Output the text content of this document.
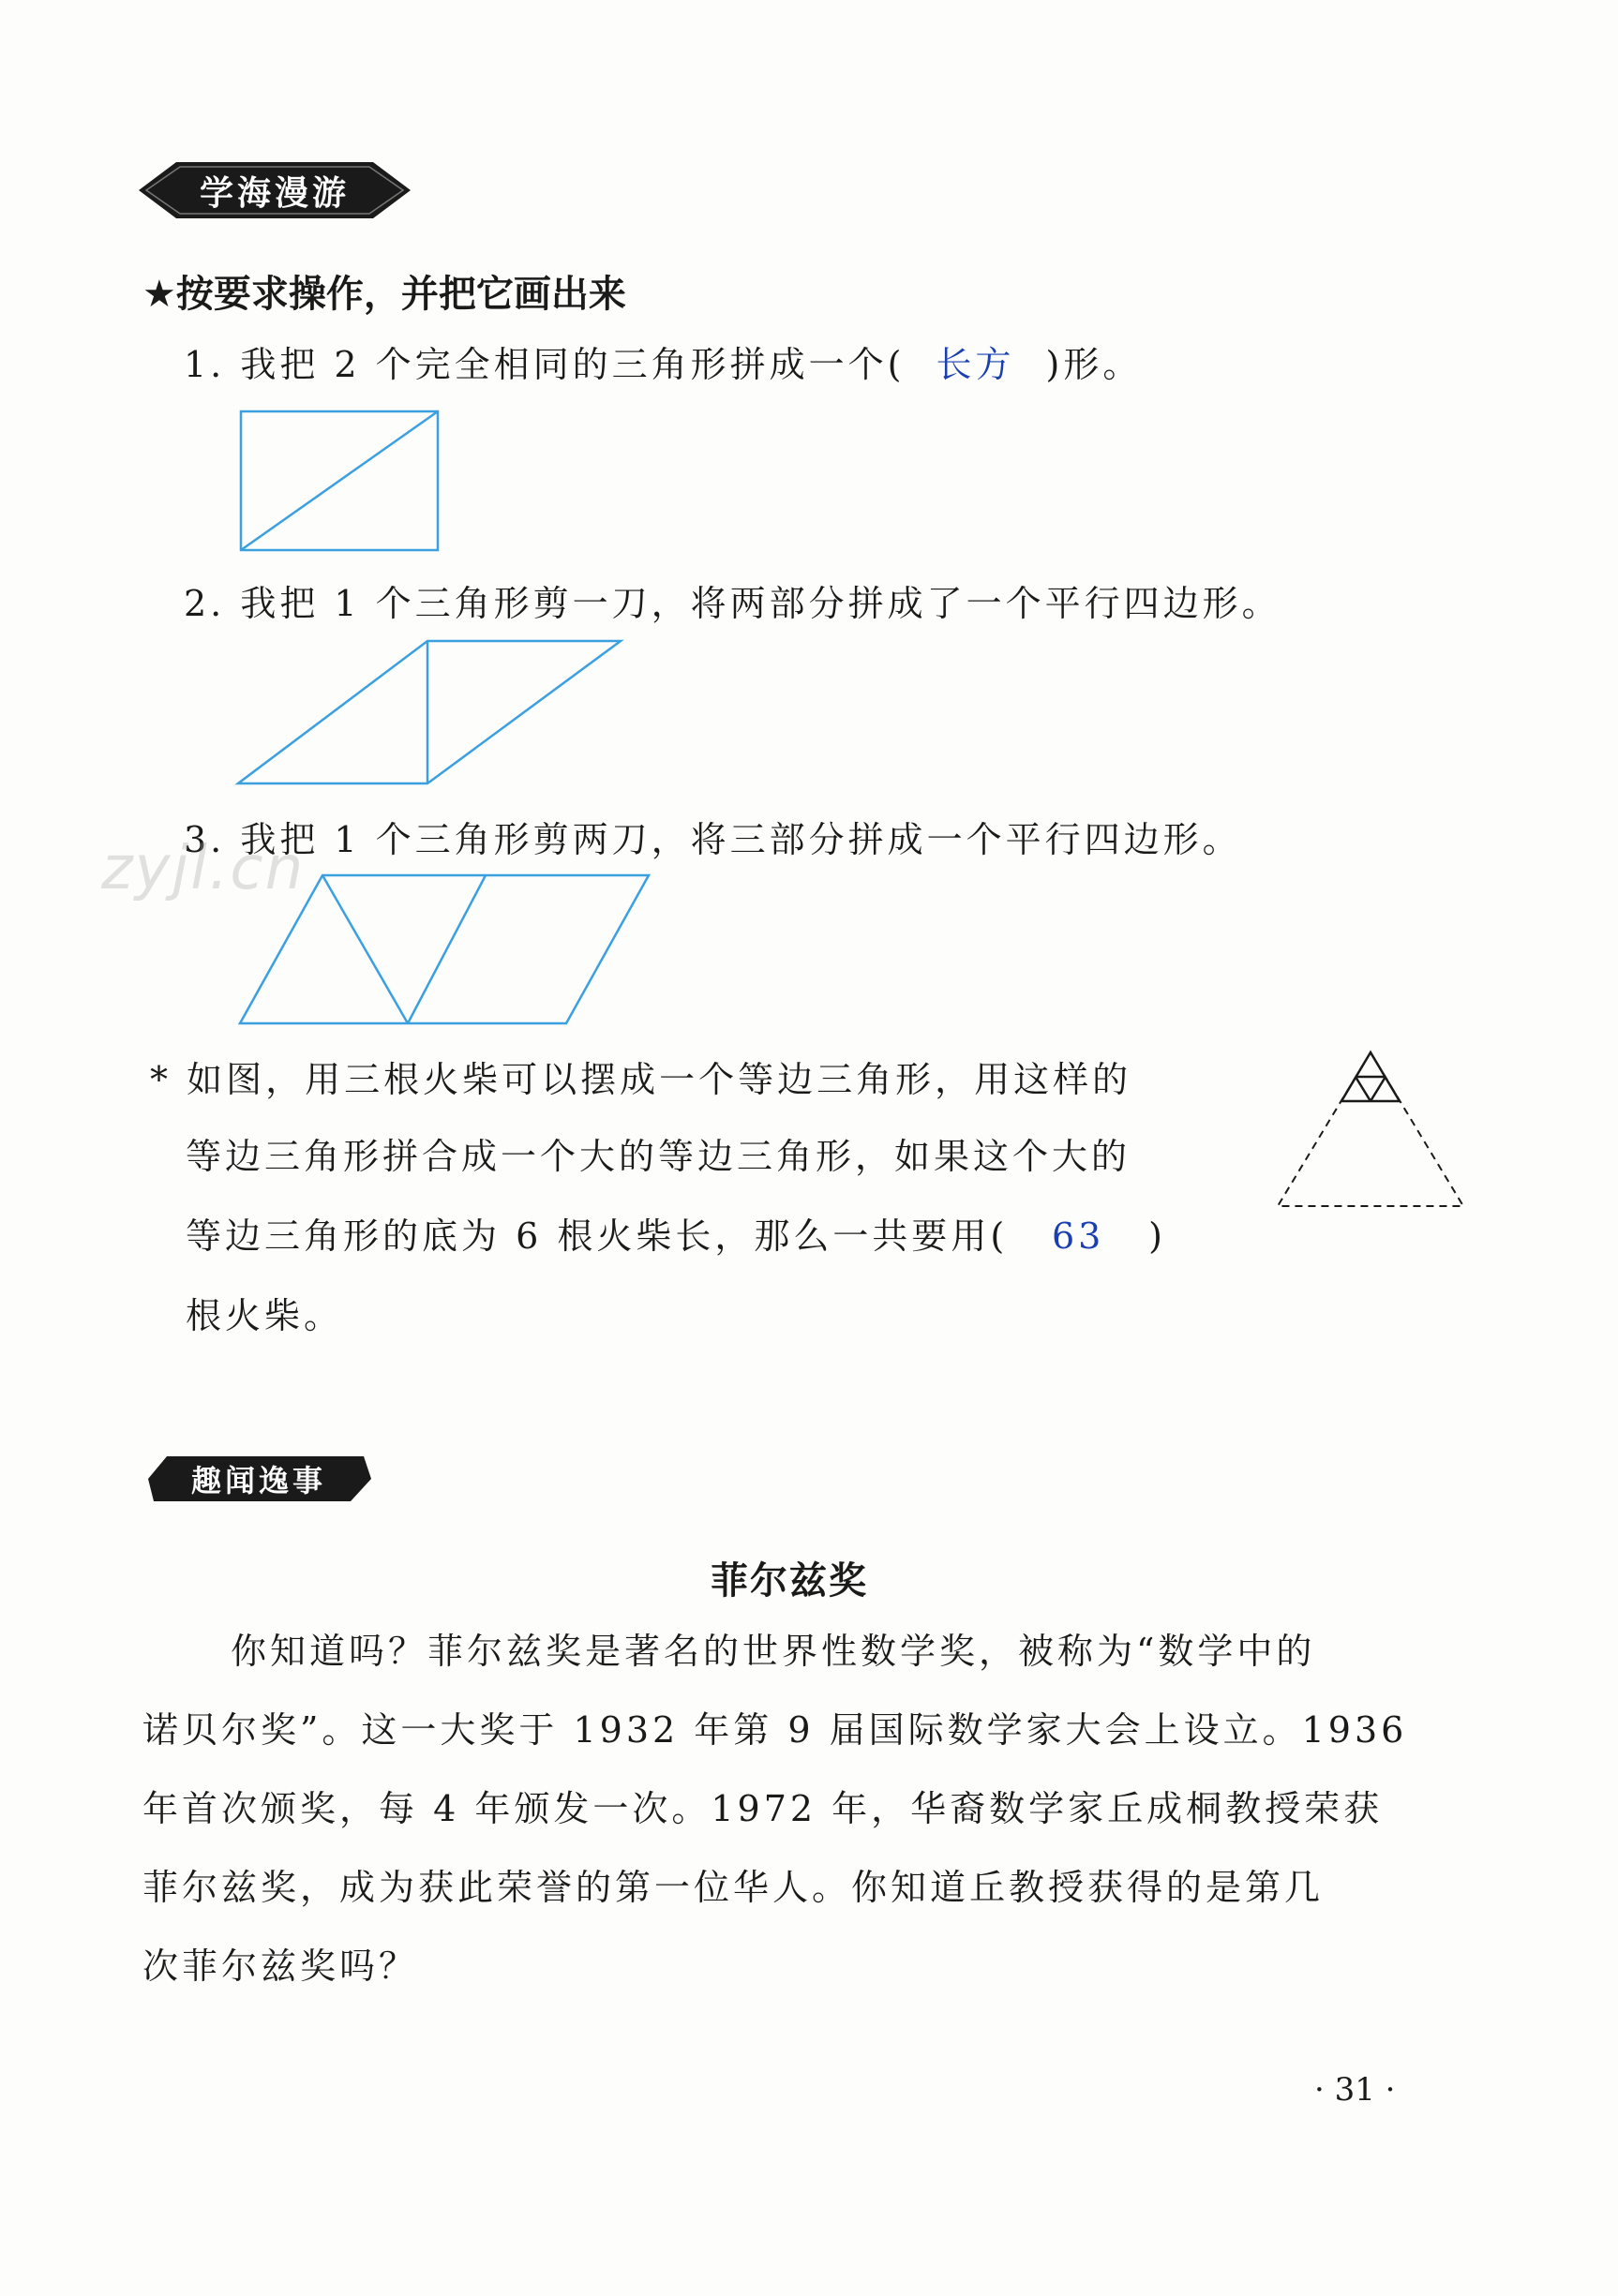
学海漫游
★按要求操作，并把它画出来
1. 我把 2 个完全相同的三角形拼成一个( 长方 )形。
2. 我把 1 个三角形剪一刀，将两部分拼成了一个平行四边形。
3. 我把 1 个三角形剪两刀，将三部分拼成一个平行四边形。
zyjl.cn
* 如图，用三根火柴可以摆成一个等边三角形，用这样的
等边三角形拼合成一个大的等边三角形，如果这个大的
等边三角形的底为 6 根火柴长，那么一共要用( 63 )
根火柴。
趣闻逸事
菲尔兹奖
你知道吗？菲尔兹奖是著名的世界性数学奖，被称为“数学中的
诺贝尔奖”。这一大奖于 1932 年第 9 届国际数学家大会上设立。1936
年首次颁奖，每 4 年颁发一次。1972 年，华裔数学家丘成桐教授荣获
菲尔兹奖，成为获此荣誉的第一位华人。你知道丘教授获得的是第几
次菲尔兹奖吗？
· 31 ·
